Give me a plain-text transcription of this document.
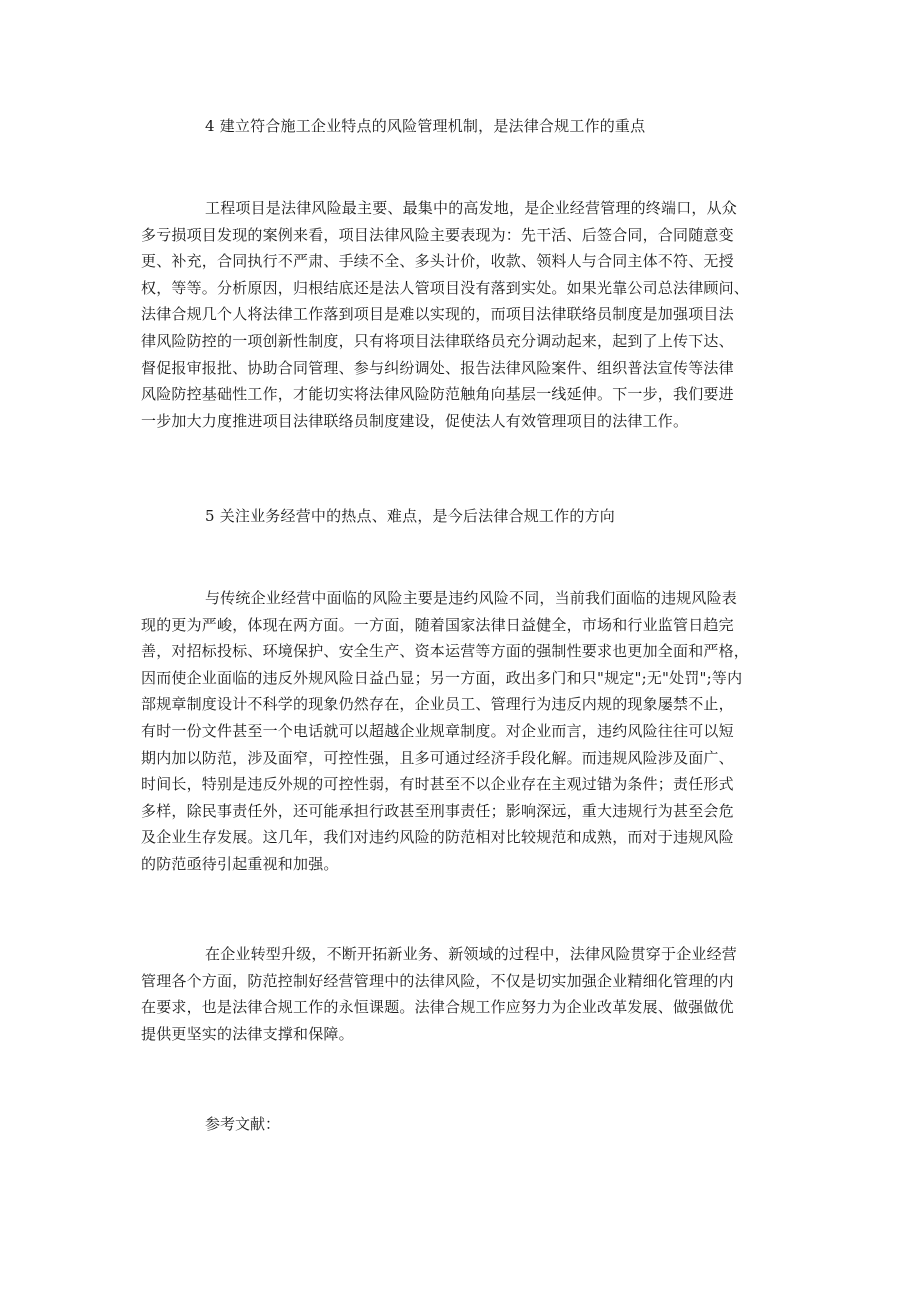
4 建立符合施工企业特点的风险管理机制，是法律合规工作的重点
工程项目是法律风险最主要、最集中的高发地，是企业经营管理的终端口，从众
多亏损项目发现的案例来看，项目法律风险主要表现为：先干活、后签合同，合同随意变
更、补充，合同执行不严肃、手续不全、多头计价，收款、领料人与合同主体不符、无授
权，等等。分析原因，归根结底还是法人管项目没有落到实处。如果光靠公司总法律顾问、
法律合规几个人将法律工作落到项目是难以实现的，而项目法律联络员制度是加强项目法
律风险防控的一项创新性制度，只有将项目法律联络员充分调动起来，起到了上传下达、
督促报审报批、协助合同管理、参与纠纷调处、报告法律风险案件、组织普法宣传等法律
风险防控基础性工作，才能切实将法律风险防范触角向基层一线延伸。下一步，我们要进
一步加大力度推进项目法律联络员制度建设，促使法人有效管理项目的法律工作。
5 关注业务经营中的热点、难点，是今后法律合规工作的方向
与传统企业经营中面临的风险主要是违约风险不同，当前我们面临的违规风险表
现的更为严峻，体现在两方面。一方面，随着国家法律日益健全，市场和行业监管日趋完
善，对招标投标、环境保护、安全生产、资本运营等方面的强制性要求也更加全面和严格，
因而使企业面临的违反外规风险日益凸显；另一方面，政出多门和只"规定";无"处罚";等内
部规章制度设计不科学的现象仍然存在，企业员工、管理行为违反内规的现象屡禁不止，
有时一份文件甚至一个电话就可以超越企业规章制度。对企业而言，违约风险往往可以短
期内加以防范，涉及面窄，可控性强，且多可通过经济手段化解。而违规风险涉及面广、
时间长，特别是违反外规的可控性弱，有时甚至不以企业存在主观过错为条件；责任形式
多样，除民事责任外，还可能承担行政甚至刑事责任；影响深远，重大违规行为甚至会危
及企业生存发展。这几年，我们对违约风险的防范相对比较规范和成熟，而对于违规风险
的防范亟待引起重视和加强。
在企业转型升级，不断开拓新业务、新领域的过程中，法律风险贯穿于企业经营
管理各个方面，防范控制好经营管理中的法律风险，不仅是切实加强企业精细化管理的内
在要求，也是法律合规工作的永恒课题。法律合规工作应努力为企业改革发展、做强做优
提供更坚实的法律支撑和保障。
参考文献：
